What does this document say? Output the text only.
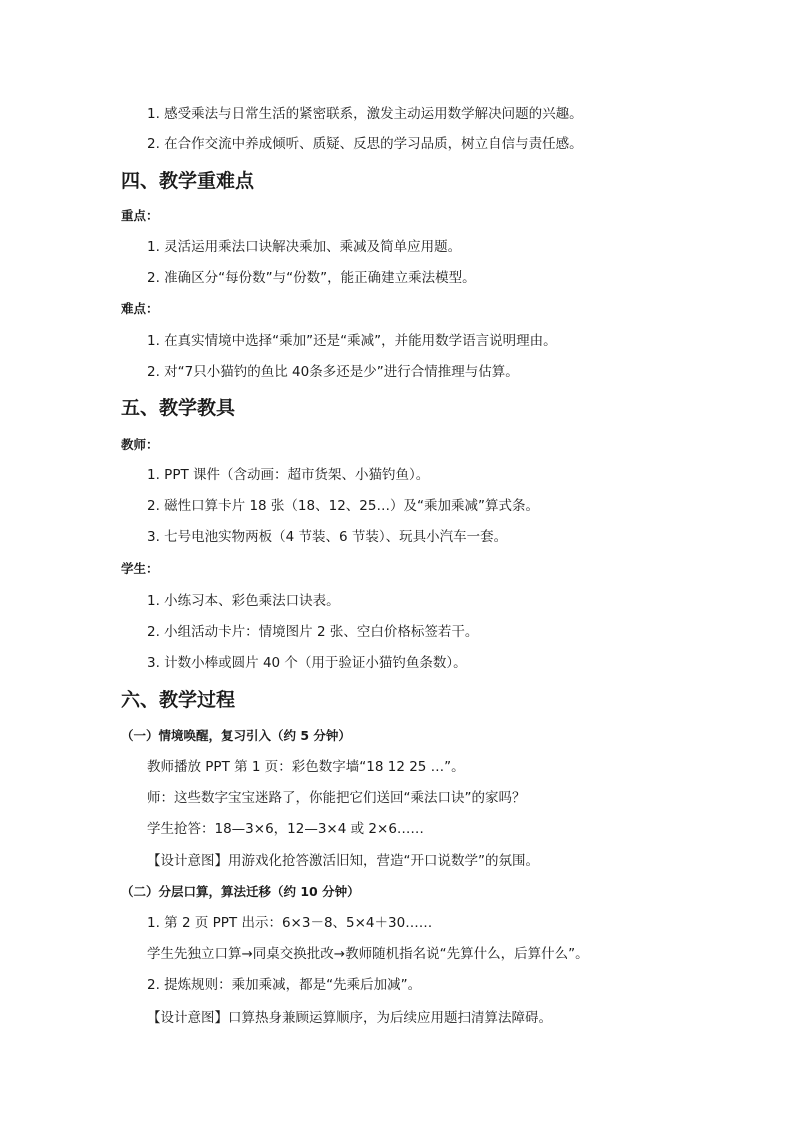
1. 感受乘法与日常生活的紧密联系，激发主动运用数学解决问题的兴趣。
2. 在合作交流中养成倾听、质疑、反思的学习品质，树立自信与责任感。
四、教学重难点
重点：
1. 灵活运用乘法口诀解决乘加、乘减及简单应用题。
2. 准确区分“每份数”与“份数”，能正确建立乘法模型。
难点：
1. 在真实情境中选择“乘加”还是“乘减”，并能用数学语言说明理由。
2. 对“7只小猫钓的鱼比 40条多还是少”进行合情推理与估算。
五、教学教具
教师：
1. PPT 课件（含动画：超市货架、小猫钓鱼）。
2. 磁性口算卡片 18 张（18、12、25…）及“乘加乘减”算式条。
3. 七号电池实物两板（4 节装、6 节装）、玩具小汽车一套。
学生：
1. 小练习本、彩色乘法口诀表。
2. 小组活动卡片：情境图片 2 张、空白价格标签若干。
3. 计数小棒或圆片 40 个（用于验证小猫钓鱼条数）。
六、教学过程
（一）情境唤醒，复习引入（约 5 分钟）
教师播放 PPT 第 1 页：彩色数字墙“18 12 25 …”。
师：这些数字宝宝迷路了，你能把它们送回“乘法口诀”的家吗？
学生抢答：18—3×6，12—3×4 或 2×6……
【设计意图】用游戏化抢答激活旧知，营造“开口说数学”的氛围。
（二）分层口算，算法迁移（约 10 分钟）
1. 第 2 页 PPT 出示：6×3－8、5×4＋30……
学生先独立口算→同桌交换批改→教师随机指名说“先算什么，后算什么”。
2. 提炼规则：乘加乘减，都是“先乘后加减”。
【设计意图】口算热身兼顾运算顺序，为后续应用题扫清算法障碍。
